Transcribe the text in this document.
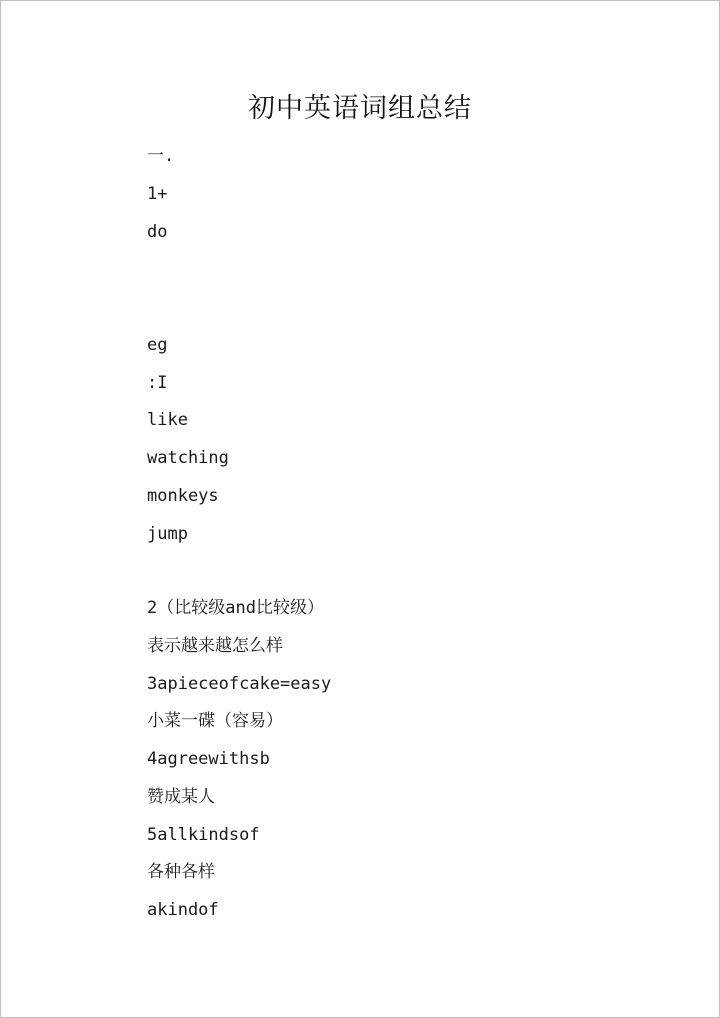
初中英语词组总结
一.
1+
do
eg
:I
like
watching
monkeys
jump
2（比较级and比较级）
表示越来越怎么样
3apieceofcake=easy
小菜一碟（容易）
4agreewithsb
赞成某人
5allkindsof
各种各样
akindof
